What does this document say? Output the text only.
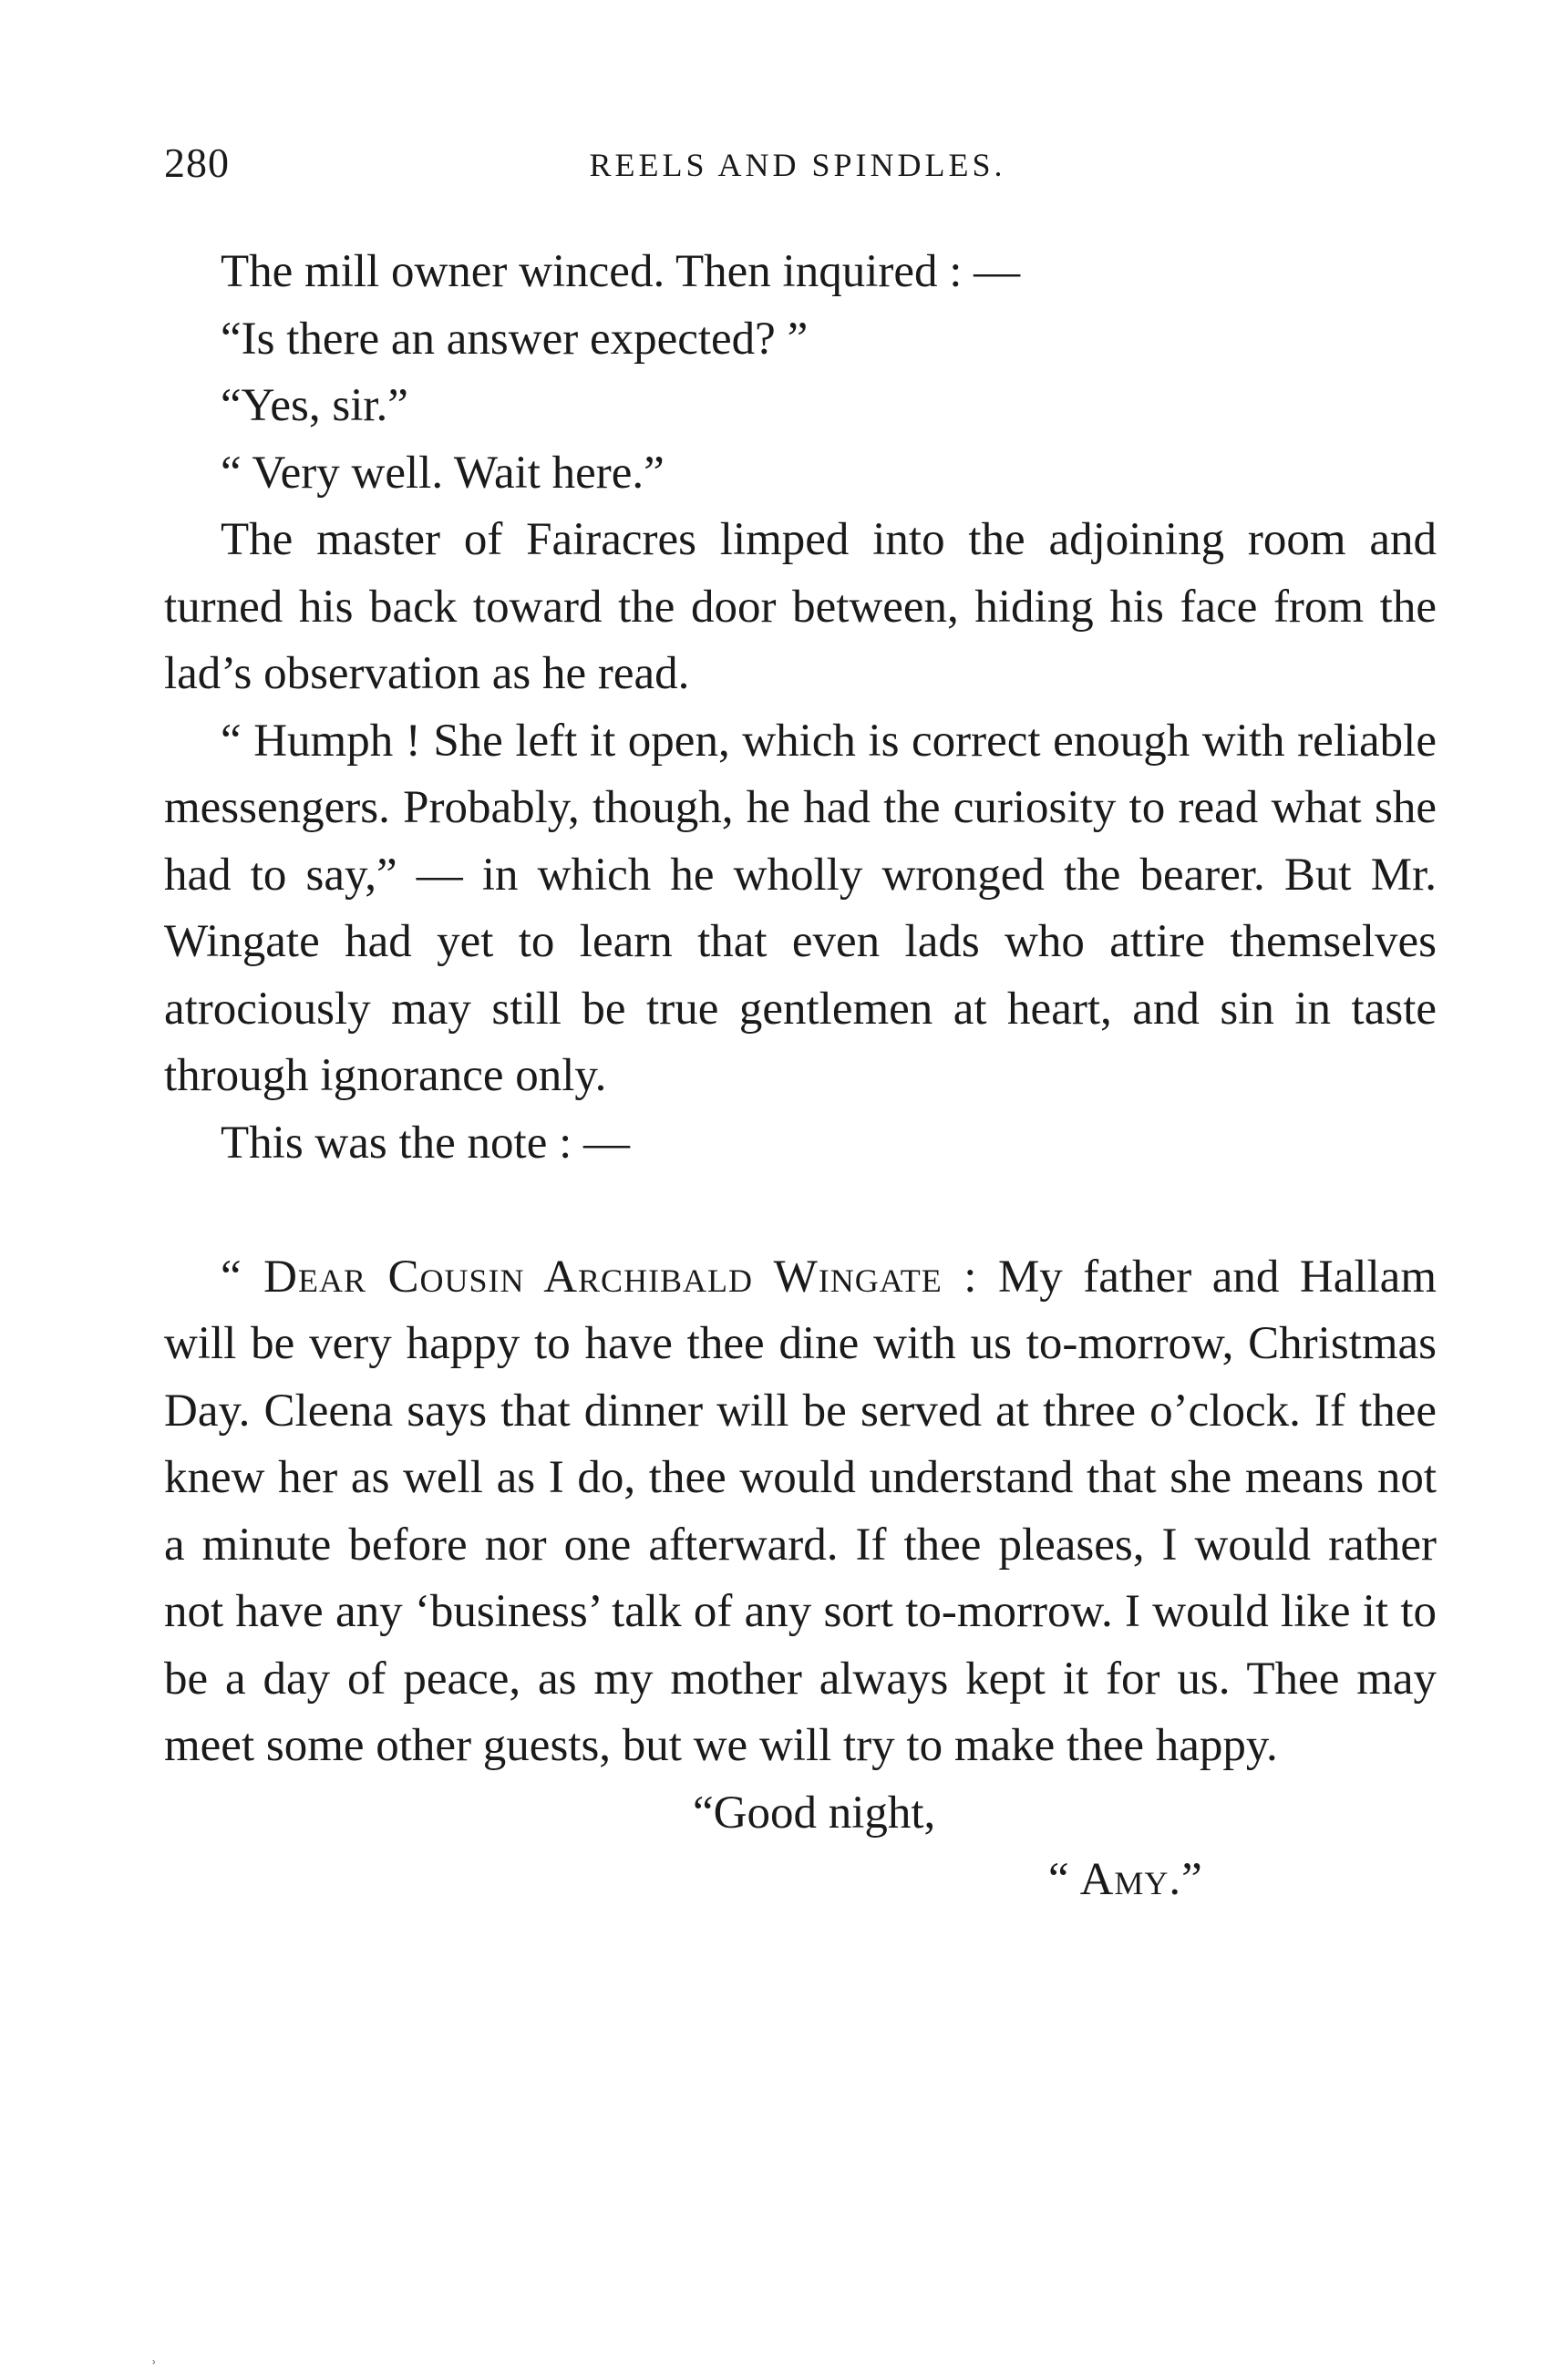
280	REELS AND SPINDLES.

The mill owner winced. Then inquired : —

“Is there an answer expected? ”

“Yes, sir.”

“ Very well. Wait here.”

The master of Fairacres limped into the adjoining room and turned his back toward the door between, hiding his face from the lad’s observation as he read.

“ Humph ! She left it open, which is correct enough with reliable messengers. Probably, though, he had the curiosity to read what she had to say,” — in which he wholly wronged the bearer. But Mr. Wingate had yet to learn that even lads who attire themselves atrociously may still be true gentlemen at heart, and sin in taste through ignorance only.

This was the note : —

“ Dear Cousin Archibald Wingate : My father and Hallam will be very happy to have thee dine with us to-morrow, Christmas Day. Cleena says that dinner will be served at three o’clock. If thee knew her as well as I do, thee would understand that she means not a minute before nor one afterward. If thee pleases, I would rather not have any ‘business’ talk of any sort to-morrow. I would like it to be a day of peace, as my mother always kept it for us. Thee may meet some other guests, but we will try to make thee happy.

“Good night,

“ Amy.”

ʾ
